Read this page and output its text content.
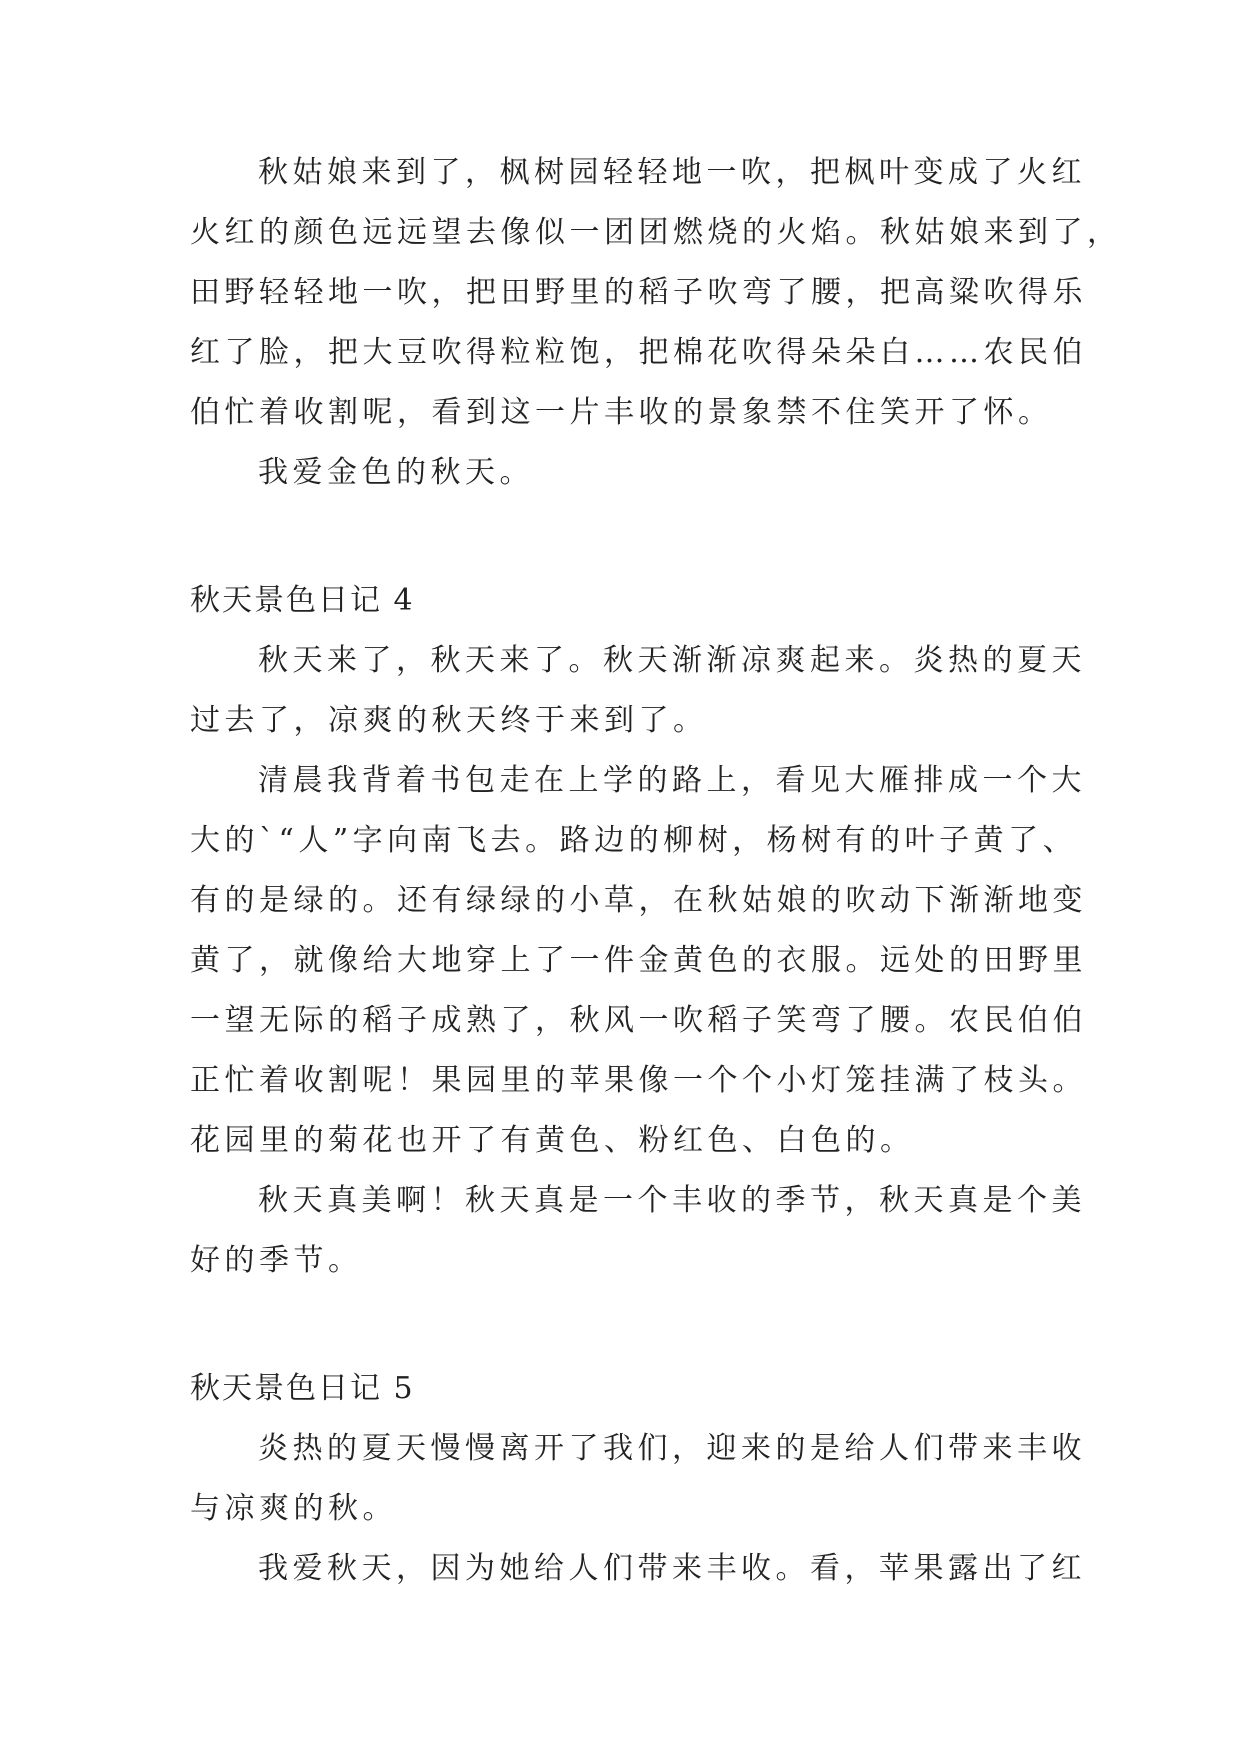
秋姑娘来到了，枫树园轻轻地一吹，把枫叶变成了火红
火红的颜色远远望去像似一团团燃烧的火焰。秋姑娘来到了，
田野轻轻地一吹，把田野里的稻子吹弯了腰，把高粱吹得乐
红了脸，把大豆吹得粒粒饱，把棉花吹得朵朵白……农民伯
伯忙着收割呢，看到这一片丰收的景象禁不住笑开了怀。
我爱金色的秋天。
秋天景色日记 4
秋天来了，秋天来了。秋天渐渐凉爽起来。炎热的夏天
过去了，凉爽的秋天终于来到了。
清晨我背着书包走在上学的路上，看见大雁排成一个大
大的`“人”字向南飞去。路边的柳树，杨树有的叶子黄了、
有的是绿的。还有绿绿的小草，在秋姑娘的吹动下渐渐地变
黄了，就像给大地穿上了一件金黄色的衣服。远处的田野里
一望无际的稻子成熟了，秋风一吹稻子笑弯了腰。农民伯伯
正忙着收割呢！果园里的苹果像一个个小灯笼挂满了枝头。
花园里的菊花也开了有黄色、粉红色、白色的。
秋天真美啊！秋天真是一个丰收的季节，秋天真是个美
好的季节。
秋天景色日记 5
炎热的夏天慢慢离开了我们，迎来的是给人们带来丰收
与凉爽的秋。
我爱秋天，因为她给人们带来丰收。看，苹果露出了红
